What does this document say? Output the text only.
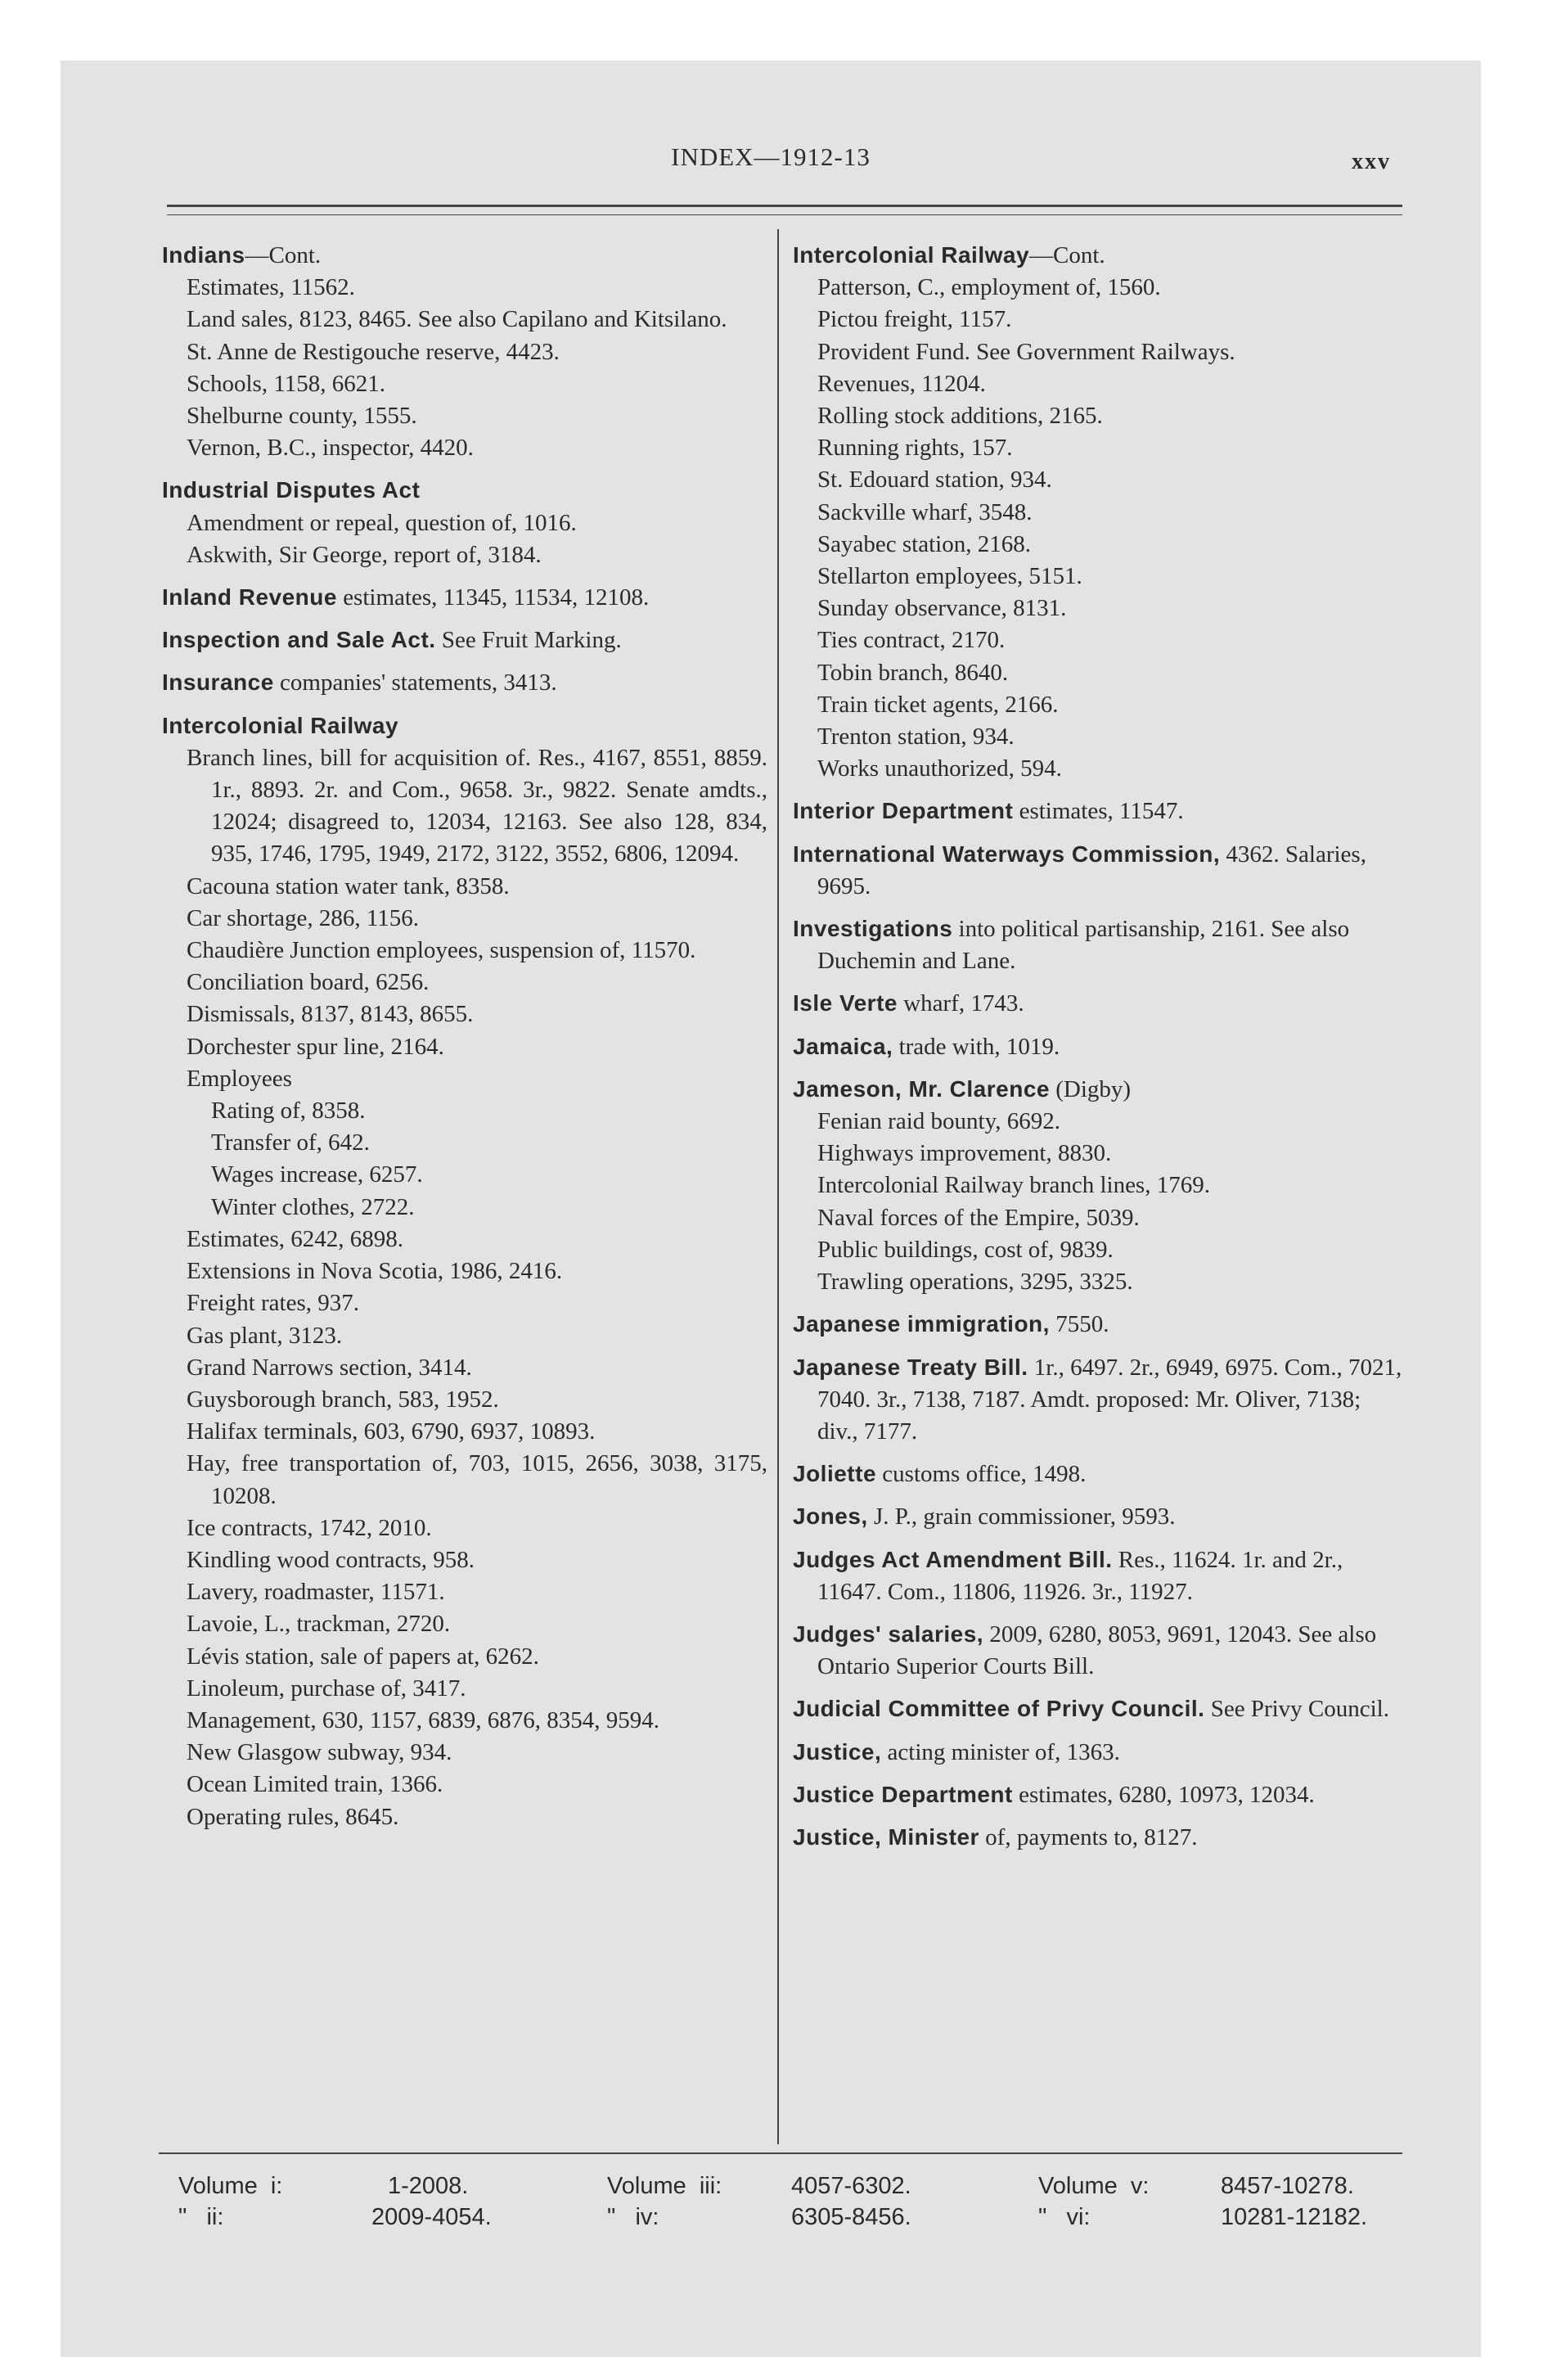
INDEX—1912-13	xxv
Indians—Cont.
Estimates, 11562.
Land sales, 8123, 8465. See also Capilano and Kitsilano.
St. Anne de Restigouche reserve, 4423.
Schools, 1158, 6621.
Shelburne county, 1555.
Vernon, B.C., inspector, 4420.
Industrial Disputes Act
Amendment or repeal, question of, 1016.
Askwith, Sir George, report of, 3184.
Inland Revenue estimates, 11345, 11534, 12108.
Inspection and Sale Act. See Fruit Marking.
Insurance companies' statements, 3413.
Intercolonial Railway
Branch lines, bill for acquisition of. Res., 4167, 8551, 8859. 1r., 8893. 2r. and Com., 9658. 3r., 9822. Senate amdts., 12024; disagreed to, 12034, 12163. See also 128, 834, 935, 1746, 1795, 1949, 2172, 3122, 3552, 6806, 12094.
Cacouna station water tank, 8358.
Car shortage, 286, 1156.
Chaudière Junction employees, suspension of, 11570.
Conciliation board, 6256.
Dismissals, 8137, 8143, 8655.
Dorchester spur line, 2164.
Employees
Rating of, 8358.
Transfer of, 642.
Wages increase, 6257.
Winter clothes, 2722.
Estimates, 6242, 6898.
Extensions in Nova Scotia, 1986, 2416.
Freight rates, 937.
Gas plant, 3123.
Grand Narrows section, 3414.
Guysborough branch, 583, 1952.
Halifax terminals, 603, 6790, 6937, 10893.
Hay, free transportation of, 703, 1015, 2656, 3038, 3175, 10208.
Ice contracts, 1742, 2010.
Kindling wood contracts, 958.
Lavery, roadmaster, 11571.
Lavoie, L., trackman, 2720.
Lévis station, sale of papers at, 6262.
Linoleum, purchase of, 3417.
Management, 630, 1157, 6839, 6876, 8354, 9594.
New Glasgow subway, 934.
Ocean Limited train, 1366.
Operating rules, 8645.
Intercolonial Railway—Cont.
Patterson, C., employment of, 1560.
Pictou freight, 1157.
Provident Fund. See Government Railways.
Revenues, 11204.
Rolling stock additions, 2165.
Running rights, 157.
St. Edouard station, 934.
Sackville wharf, 3548.
Sayabec station, 2168.
Stellarton employees, 5151.
Sunday observance, 8131.
Ties contract, 2170.
Tobin branch, 8640.
Train ticket agents, 2166.
Trenton station, 934.
Works unauthorized, 594.
Interior Department estimates, 11547.
International Waterways Commission, 4362. Salaries, 9695.
Investigations into political partisanship, 2161. See also Duchemin and Lane.
Isle Verte wharf, 1743.
Jamaica, trade with, 1019.
Jameson, Mr. Clarence (Digby)
Fenian raid bounty, 6692.
Highways improvement, 8830.
Intercolonial Railway branch lines, 1769.
Naval forces of the Empire, 5039.
Public buildings, cost of, 9839.
Trawling operations, 3295, 3325.
Japanese immigration, 7550.
Japanese Treaty Bill. 1r., 6497. 2r., 6949, 6975. Com., 7021, 7040. 3r., 7138, 7187. Amdt. proposed: Mr. Oliver, 7138; div., 7177.
Joliette customs office, 1498.
Jones, J. P., grain commissioner, 9593.
Judges Act Amendment Bill. Res., 11624. 1r. and 2r., 11647. Com., 11806, 11926. 3r., 11927.
Judges' salaries, 2009, 6280, 8053, 9691, 12043. See also Ontario Superior Courts Bill.
Judicial Committee of Privy Council. See Privy Council.
Justice, acting minister of, 1363.
Justice Department estimates, 6280, 10973, 12034.
Justice, Minister of, payments to, 8127.
Volume  i:	1-2008.
"   ii:	2009-4054.
Volume  iii:	4057-6302.
"   iv:	6305-8456.
Volume  v:	8457-10278.
"   vi:	10281-12182.
